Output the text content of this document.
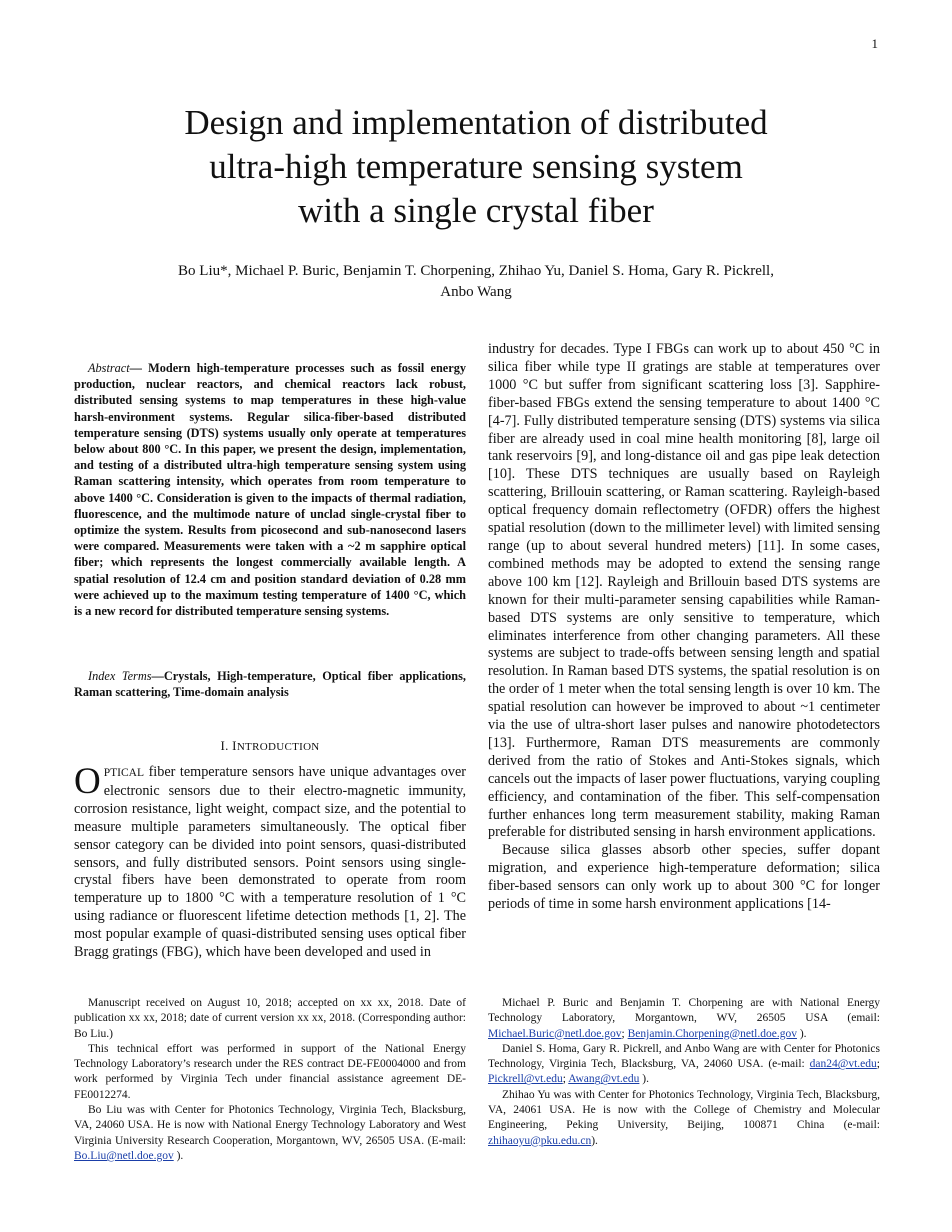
1
Design and implementation of distributed
ultra-high temperature sensing system
with a single crystal fiber
Bo Liu*, Michael P. Buric, Benjamin T. Chorpening, Zhihao Yu, Daniel S. Homa, Gary R. Pickrell,
Anbo Wang
Abstract— Modern high-temperature processes such as fossil energy production, nuclear reactors, and chemical reactors lack robust, distributed sensing systems to map temperatures in these high-value harsh-environment systems. Regular silica-fiber-based distributed temperature sensing (DTS) systems usually only operate at temperatures below about 800 °C. In this paper, we present the design, implementation, and testing of a distributed ultra-high temperature sensing system using Raman scattering intensity, which operates from room temperature to above 1400 °C. Consideration is given to the impacts of thermal radiation, fluorescence, and the multimode nature of unclad single-crystal fiber to optimize the system. Results from picosecond and sub-nanosecond lasers were compared. Measurements were taken with a ~2 m sapphire optical fiber; which represents the longest commercially available length. A spatial resolution of 12.4 cm and position standard deviation of 0.28 mm were achieved up to the maximum testing temperature of 1400 °C, which is a new record for distributed temperature sensing systems.
Index Terms—Crystals, High-temperature, Optical fiber applications, Raman scattering, Time-domain analysis
I. INTRODUCTION
OPTICAL fiber temperature sensors have unique advantages over electronic sensors due to their electro-magnetic immunity, corrosion resistance, light weight, compact size, and the potential to measure multiple parameters simultaneously. The optical fiber sensor category can be divided into point sensors, quasi-distributed sensors, and fully distributed sensors. Point sensors using single-crystal fibers have been demonstrated to operate from room temperature up to 1800 °C with a temperature resolution of 1 °C using radiance or fluorescent lifetime detection methods [1, 2]. The most popular example of quasi-distributed sensing uses optical fiber Bragg gratings (FBG), which have been developed and used in

industry for decades. Type I FBGs can work up to about 450 °C in silica fiber while type II gratings are stable at temperatures over 1000 °C but suffer from significant scattering loss [3]. Sapphire-fiber-based FBGs extend the sensing temperature to about 1400 °C [4-7]. Fully distributed temperature sensing (DTS) systems via silica fiber are already used in coal mine health monitoring [8], large oil tank reservoirs [9], and long-distance oil and gas pipe leak detection [10]. These DTS techniques are usually based on Rayleigh scattering, Brillouin scattering, or Raman scattering. Rayleigh-based optical frequency domain reflectometry (OFDR) offers the highest spatial resolution (down to the millimeter level) with limited sensing range (up to about several hundred meters) [11]. In some cases, combined methods may be adopted to extend the sensing range above 100 km [12]. Rayleigh and Brillouin based DTS systems are known for their multi-parameter sensing capabilities while Raman-based DTS systems are only sensitive to temperature, which eliminates interference from other changing parameters. All these systems are subject to trade-offs between sensing length and spatial resolution. In Raman based DTS systems, the spatial resolution is on the order of 1 meter when the total sensing length is over 10 km. The spatial resolution can however be improved to about ~1 centimeter via the use of ultra-short laser pulses and nanowire photodetectors [13]. Furthermore, Raman DTS measurements are commonly derived from the ratio of Stokes and Anti-Stokes signals, which cancels out the impacts of laser power fluctuations, varying coupling efficiency, and contamination of the fiber. This self-compensation further enhances long term measurement stability, making Raman preferable for distributed sensing in harsh environment applications.

Because silica glasses absorb other species, suffer dopant migration, and experience high-temperature deformation; silica fiber-based sensors can only work up to about 300 °C for longer periods of time in some harsh environment applications [14-

Manuscript received on August 10, 2018; accepted on xx xx, 2018. Date of publication xx xx, 2018; date of current version xx xx, 2018. (Corresponding author: Bo Liu.)

This technical effort was performed in support of the National Energy Technology Laboratory’s research under the RES contract DE-FE0004000 and from work performed by Virginia Tech under financial assistance agreement DE- FE0012274.

Bo Liu was with Center for Photonics Technology, Virginia Tech, Blacksburg, VA, 24060 USA. He is now with National Energy Technology Laboratory and West Virginia University Research Cooperation, Morgantown, WV, 26505 USA. (E-mail: Bo.Liu@netl.doe.gov ).

Michael P. Buric and Benjamin T. Chorpening are with National Energy Technology Laboratory, Morgantown, WV, 26505 USA (email: Michael.Buric@netl.doe.gov; Benjamin.Chorpening@netl.doe.gov ).

Daniel S. Homa, Gary R. Pickrell, and Anbo Wang are with Center for Photonics Technology, Virginia Tech, Blacksburg, VA, 24060 USA. (e-mail: dan24@vt.edu; Pickrell@vt.edu; Awang@vt.edu ).

Zhihao Yu was with Center for Photonics Technology, Virginia Tech, Blacksburg, VA, 24061 USA. He is now with the College of Chemistry and Molecular Engineering, Peking University, Beijing, 100871 China (e-mail: zhihaoyu@pku.edu.cn).
